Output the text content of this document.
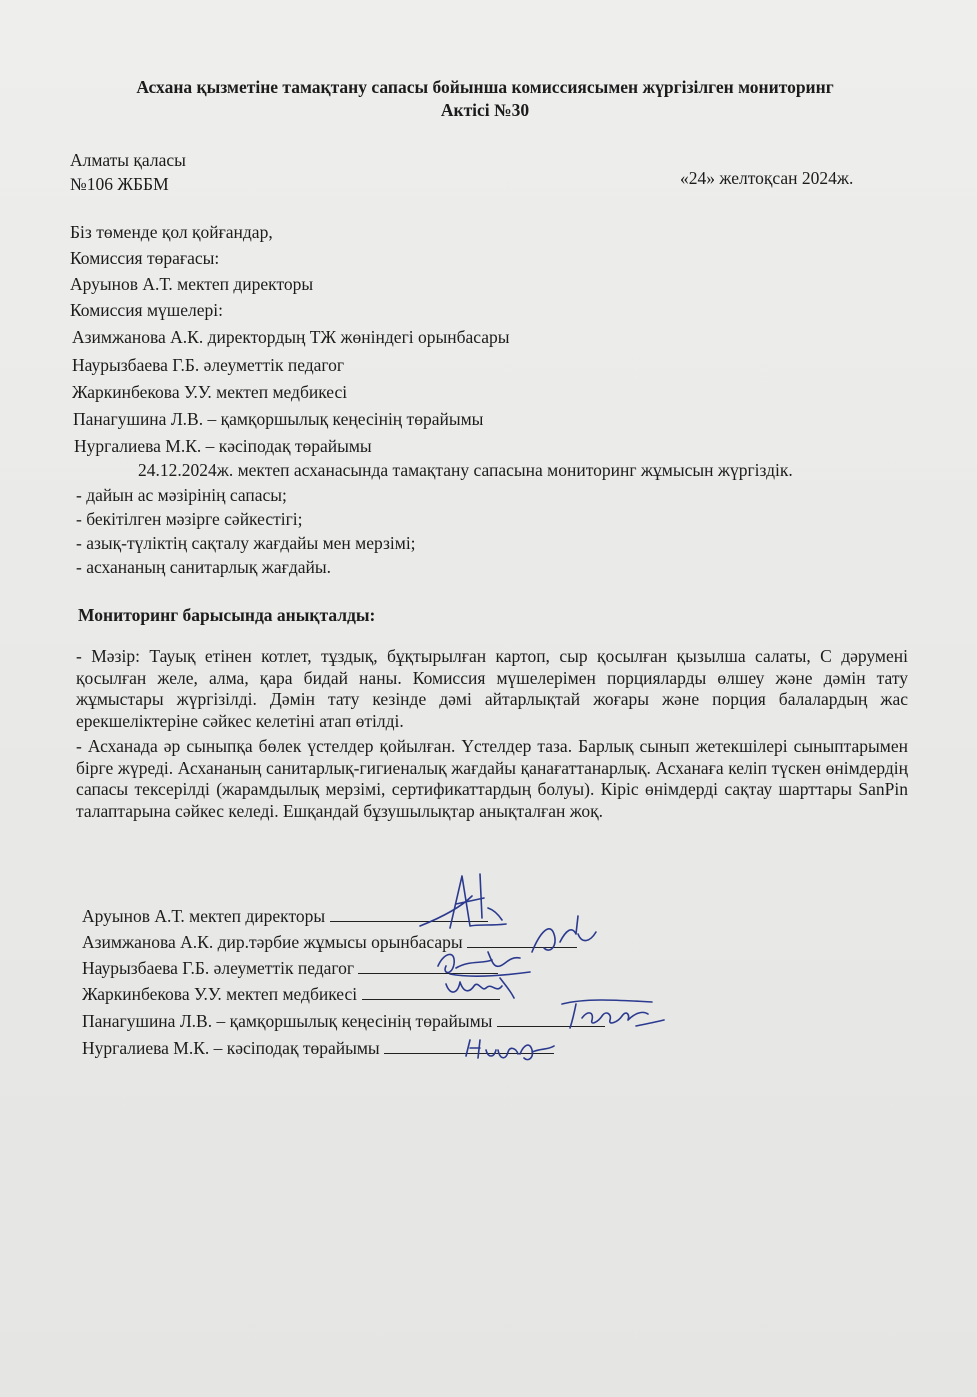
Асхана қызметіне тамақтану сапасы бойынша комиссиясымен жүргізілген мониторинг
Актісі №30
Алматы қаласы
№106 ЖББМ	«24» желтоқсан 2024ж.
Біз төменде қол қойғандар,
Комиссия төрағасы:
Аруынов А.Т. мектеп директоры
Комиссия мүшелері:
Азимжанова А.К. директордың ТЖ жөніндегі орынбасары
Наурызбаева Г.Б. әлеуметтік педагог
Жаркинбекова У.У. мектеп медбикесі
Панагушина Л.В. – қамқоршылық кеңесінің төрайымы
Нургалиева М.К. – кәсіподақ төрайымы
24.12.2024ж. мектеп асханасында тамақтану сапасына мониторинг жұмысын жүргіздік.
- дайын ас мәзірінің сапасы;
- бекітілген мәзірге сәйкестігі;
- азық-түліктің сақталу жағдайы мен мерзімі;
- асхананың санитарлық жағдайы.
Мониторинг барысында анықталды:
- Мәзір: Тауық етінен котлет, тұздық, бұқтырылған картоп, сыр қосылған қызылша салаты, С дәрумені қосылған желе, алма, қара бидай наны. Комиссия мүшелерімен порцияларды өлшеу және дәмін тату жұмыстары жүргізілді. Дәмін тату кезінде дәмі айтарлықтай жоғары және порция балалардың жас ерекшеліктеріне сәйкес келетіні атап өтілді.
- Асханада әр сыныпқа бөлек үстелдер қойылған. Үстелдер таза. Барлық сынып жетекшілері сыныптарымен бірге жүреді. Асхананың санитарлық-гигиеналық жағдайы қанағаттанарлық. Асханаға келіп түскен өнімдердің сапасы тексерілді (жарамдылық мерзімі, сертификаттардың болуы). Кіріс өнімдерді сақтау шарттары SanPin талаптарына сәйкес келеді. Ешқандай бұзушылықтар анықталған жоқ.
Аруынов А.Т. мектеп директоры
Азимжанова А.К. дир.тәрбие жұмысы орынбасары
Наурызбаева Г.Б. әлеуметтік педагог
Жаркинбекова У.У. мектеп медбикесі
Панагушина Л.В. – қамқоршылық кеңесінің төрайымы
Нургалиева М.К. – кәсіподақ төрайымы
